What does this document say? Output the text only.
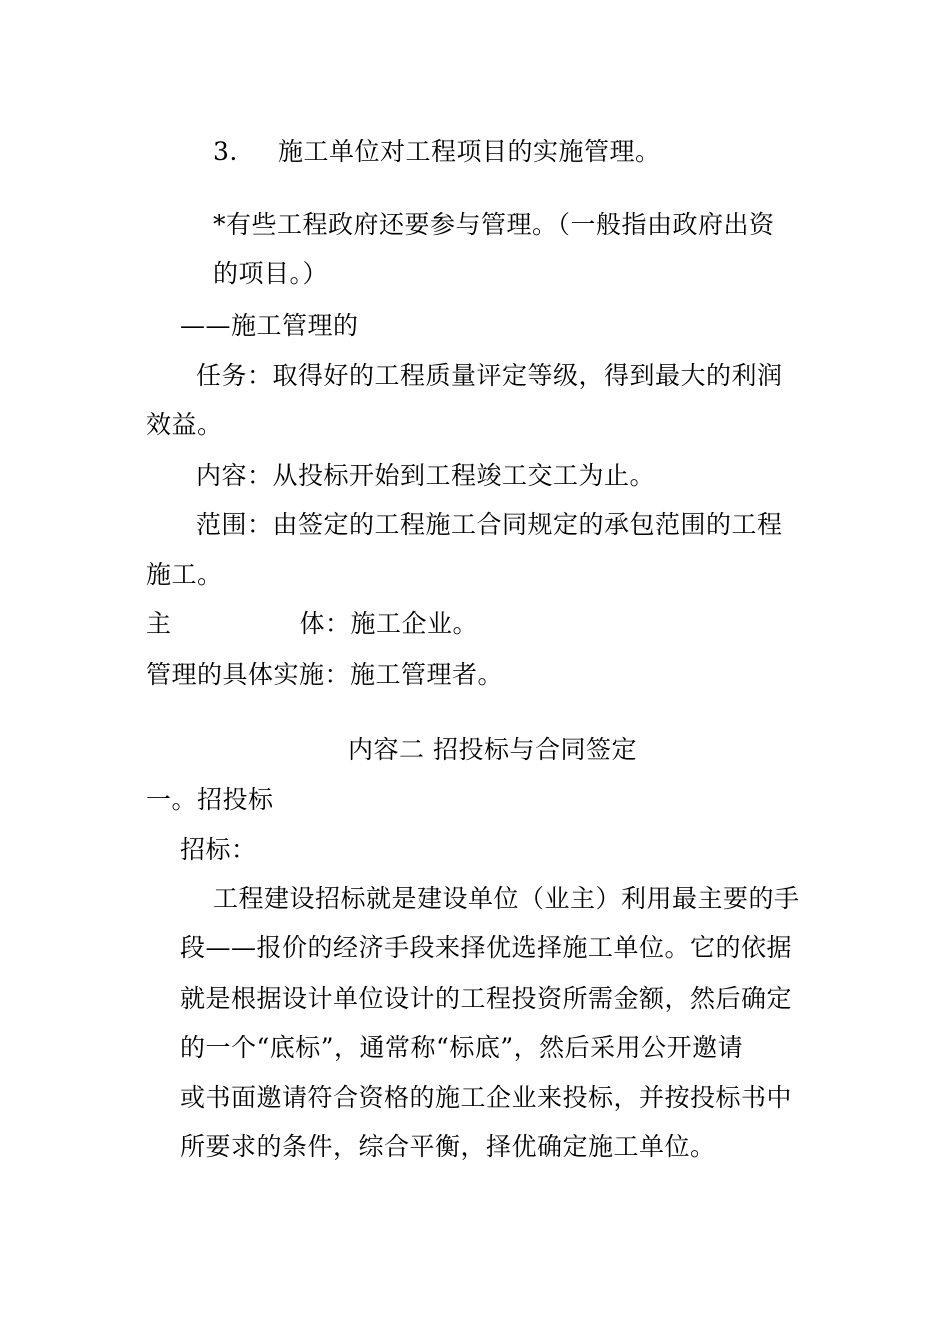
3. 施工单位对工程项目的实施管理。
*有些工程政府还要参与管理。（一般指由政府出资
的项目。）
——施工管理的
任务：取得好的工程质量评定等级，得到最大的利润
效益。
内容：从投标开始到工程竣工交工为止。
范围：由签定的工程施工合同规定的承包范围的工程
施工。
主	体：施工企业。
管理的具体实施：施工管理者。
内容二 招投标与合同签定
一。招投标
招标：
工程建设招标就是建设单位（业主）利用最主要的手
段——报价的经济手段来择优选择施工单位。它的依据
就是根据设计单位设计的工程投资所需金额，然后确定
的一个“底标”，通常称“标底”，然后采用公开邀请
或书面邀请符合资格的施工企业来投标，并按投标书中
所要求的条件，综合平衡，择优确定施工单位。
